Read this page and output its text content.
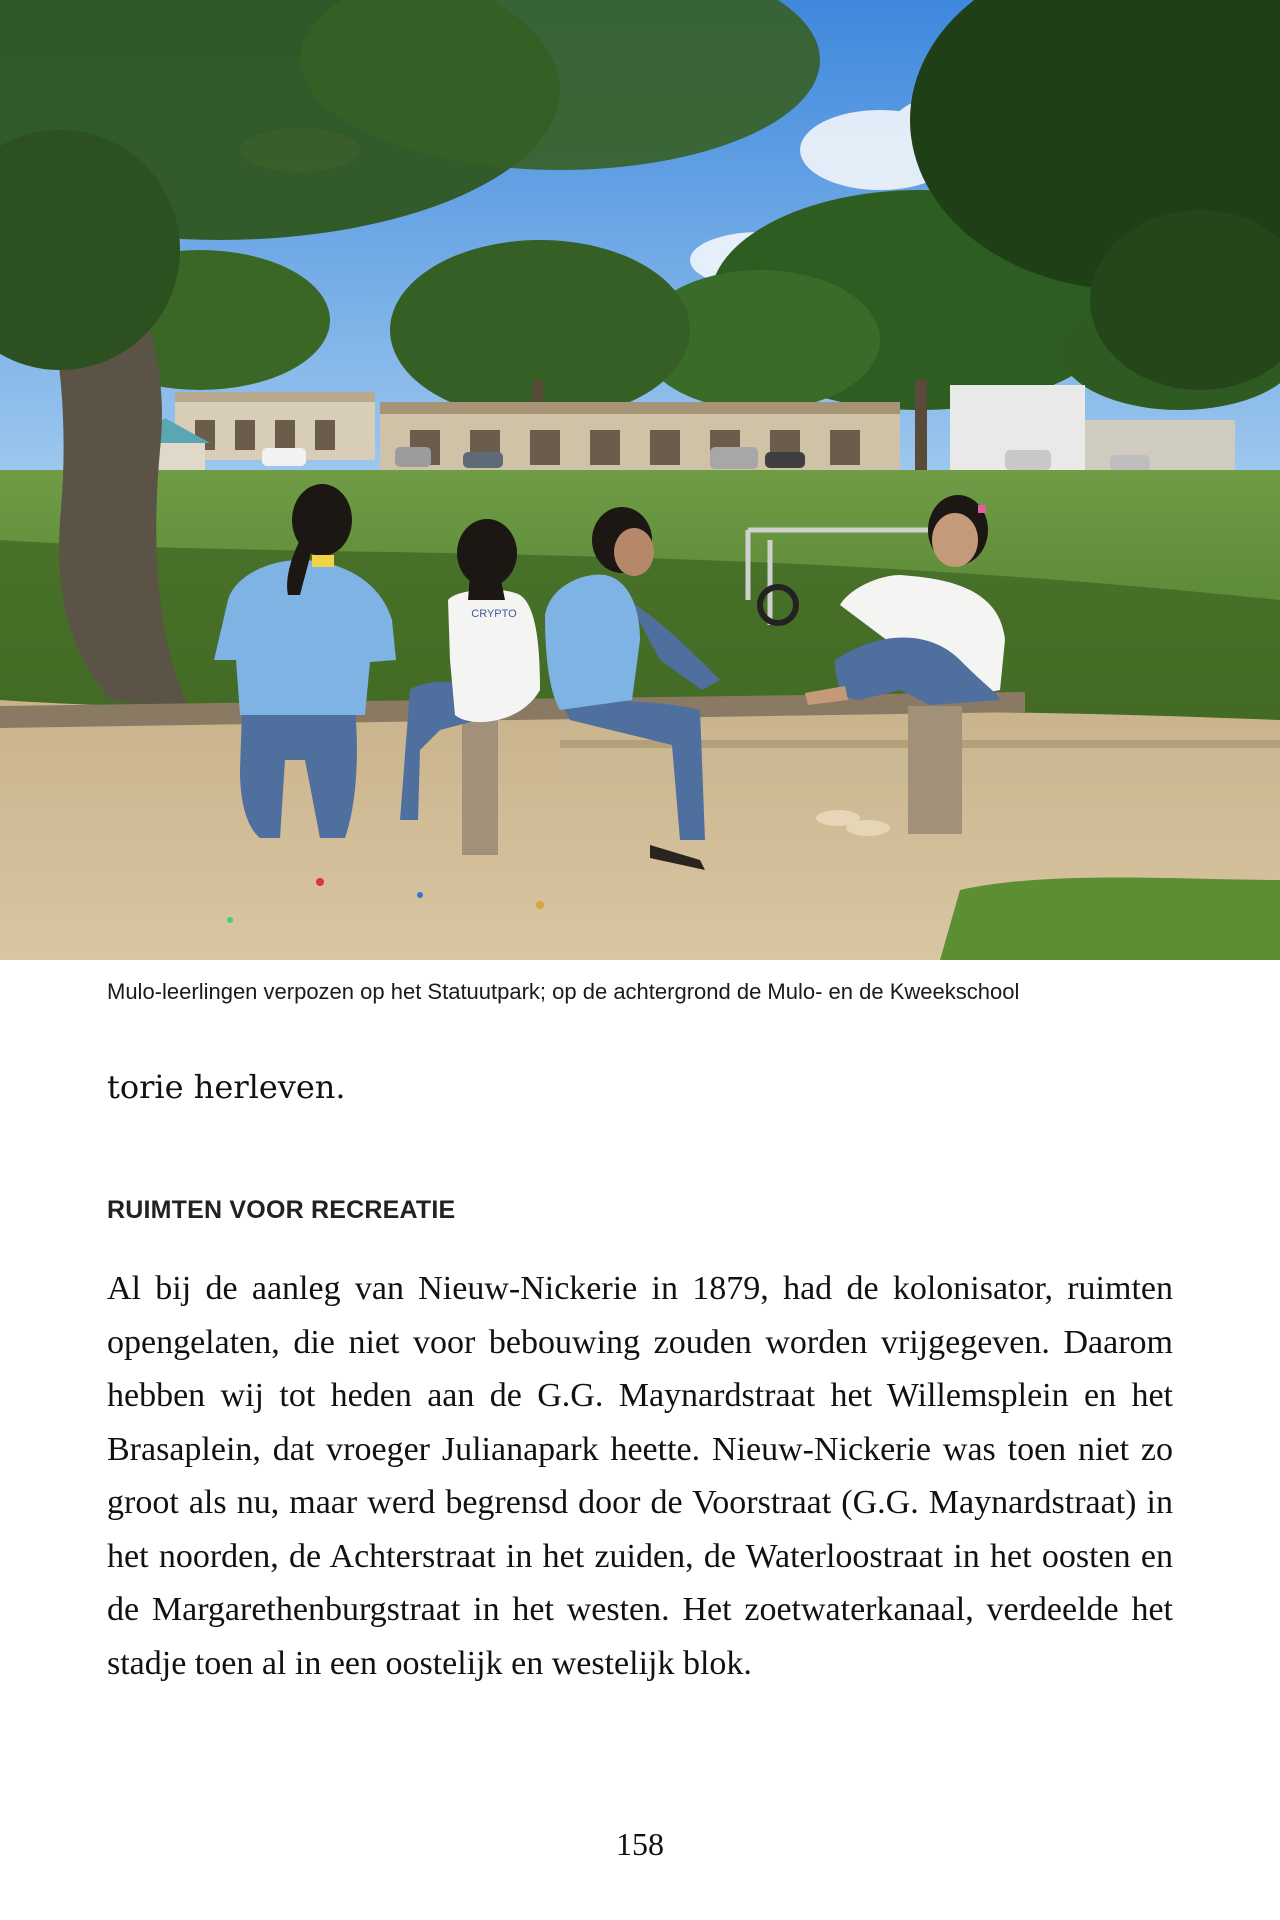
CRYPTO
Mulo-leerlingen verpozen op het Statuutpark; op de achtergrond de Mulo- en de Kweekschool
torie herleven.
RUIMTEN VOOR RECREATIE
Al bij de aanleg van Nieuw-Nickerie in 1879, had de kolonisator, ruimten opengelaten, die niet voor bebouwing zouden worden vrijgegeven. Daarom hebben wij tot heden aan de G.G. Maynardstraat het Willemsplein en het Brasaplein, dat vroeger Julianapark heette. Nieuw-Nickerie was toen niet zo groot als nu, maar werd begrensd door de Voorstraat (G.G. Maynardstraat) in het noorden, de Achterstraat in het zuiden, de Waterloostraat in het oosten en de Margarethenburgstraat in het westen. Het zoetwaterkanaal, verdeelde het stadje toen al in een oostelijk en westelijk blok.
158
